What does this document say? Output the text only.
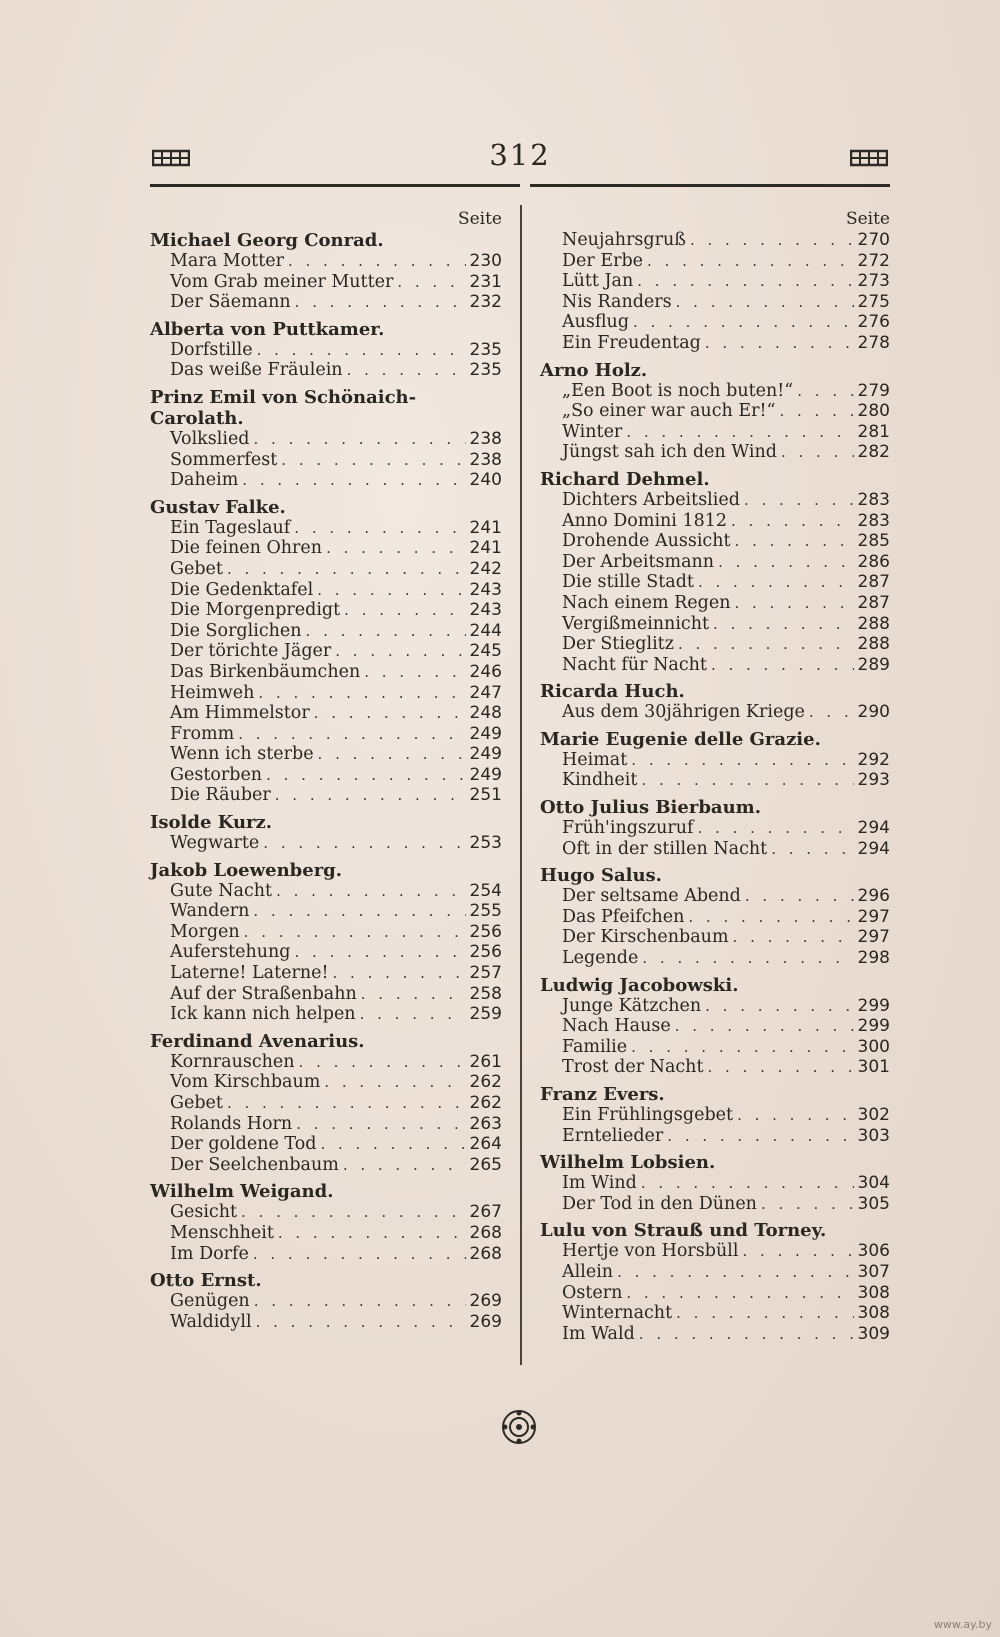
312
Seite
Michael Georg Conrad.
Mara Motter . . .	230
Vom Grab meiner Mutter . . .	231
Der Säemann . . .	232
Alberta von Puttkamer.
Dorfstille . . .	235
Das weiße Fräulein . . .	235
Prinz Emil von Schönaich-
Carolath.
Volkslied . . .	238
Sommerfest . . .	238
Daheim . . .	240
Gustav Falke.
Ein Tageslauf . . .	241
Die feinen Ohren . . .	241
Gebet . . .	242
Die Gedenktafel . . .	243
Die Morgenpredigt . . .	243
Die Sorglichen . . .	244
Der törichte Jäger . . .	245
Das Birkenbäumchen . . .	246
Heimweh . . .	247
Am Himmelstor . . .	248
Fromm . . .	249
Wenn ich sterbe . . .	249
Gestorben . . .	249
Die Räuber . . .	251
Isolde Kurz.
Wegwarte . . .	253
Jakob Loewenberg.
Gute Nacht . . .	254
Wandern . . .	255
Morgen . . .	256
Auferstehung . . .	256
Laterne! Laterne! . . .	257
Auf der Straßenbahn . . .	258
Ick kann nich helpen . . .	259
Ferdinand Avenarius.
Kornrauschen . . .	261
Vom Kirschbaum . . .	262
Gebet . . .	262
Rolands Horn . . .	263
Der goldene Tod . . .	264
Der Seelchenbaum . . .	265
Wilhelm Weigand.
Gesicht . . .	267
Menschheit . . .	268
Im Dorfe . . .	268
Otto Ernst.
Genügen . . .	269
Waldidyll . . .	269
Seite
Neujahrsgruß . . .	270
Der Erbe . . .	272
Lütt Jan . . .	273
Nis Randers . . .	275
Ausflug . . .	276
Ein Freudentag . . .	278
Arno Holz.
„Een Boot is noch buten!“ . . .	279
„So einer war auch Er!“ . . .	280
Winter . . .	281
Jüngst sah ich den Wind . . .	282
Richard Dehmel.
Dichters Arbeitslied . . .	283
Anno Domini 1812 . . .	283
Drohende Aussicht . . .	285
Der Arbeitsmann . . .	286
Die stille Stadt . . .	287
Nach einem Regen . . .	287
Vergißmeinnicht . . .	288
Der Stieglitz . . .	288
Nacht für Nacht . . .	289
Ricarda Huch.
Aus dem 30jährigen Kriege . . .	290
Marie Eugenie delle Grazie.
Heimat . . .	292
Kindheit . . .	293
Otto Julius Bierbaum.
Früh'ingszuruf . . .	294
Oft in der stillen Nacht . . .	294
Hugo Salus.
Der seltsame Abend . . .	296
Das Pfeifchen . . .	297
Der Kirschenbaum . . .	297
Legende . . .	298
Ludwig Jacobowski.
Junge Kätzchen . . .	299
Nach Hause . . .	299
Familie . . .	300
Trost der Nacht . . .	301
Franz Evers.
Ein Frühlingsgebet . . .	302
Erntelieder . . .	303
Wilhelm Lobsien.
Im Wind . . .	304
Der Tod in den Dünen . . .	305
Lulu von Strauß und Torney.
Hertje von Horsbüll . . .	306
Allein . . .	307
Ostern . . .	308
Winternacht . . .	308
Im Wald . . .	309
www.ay.by
